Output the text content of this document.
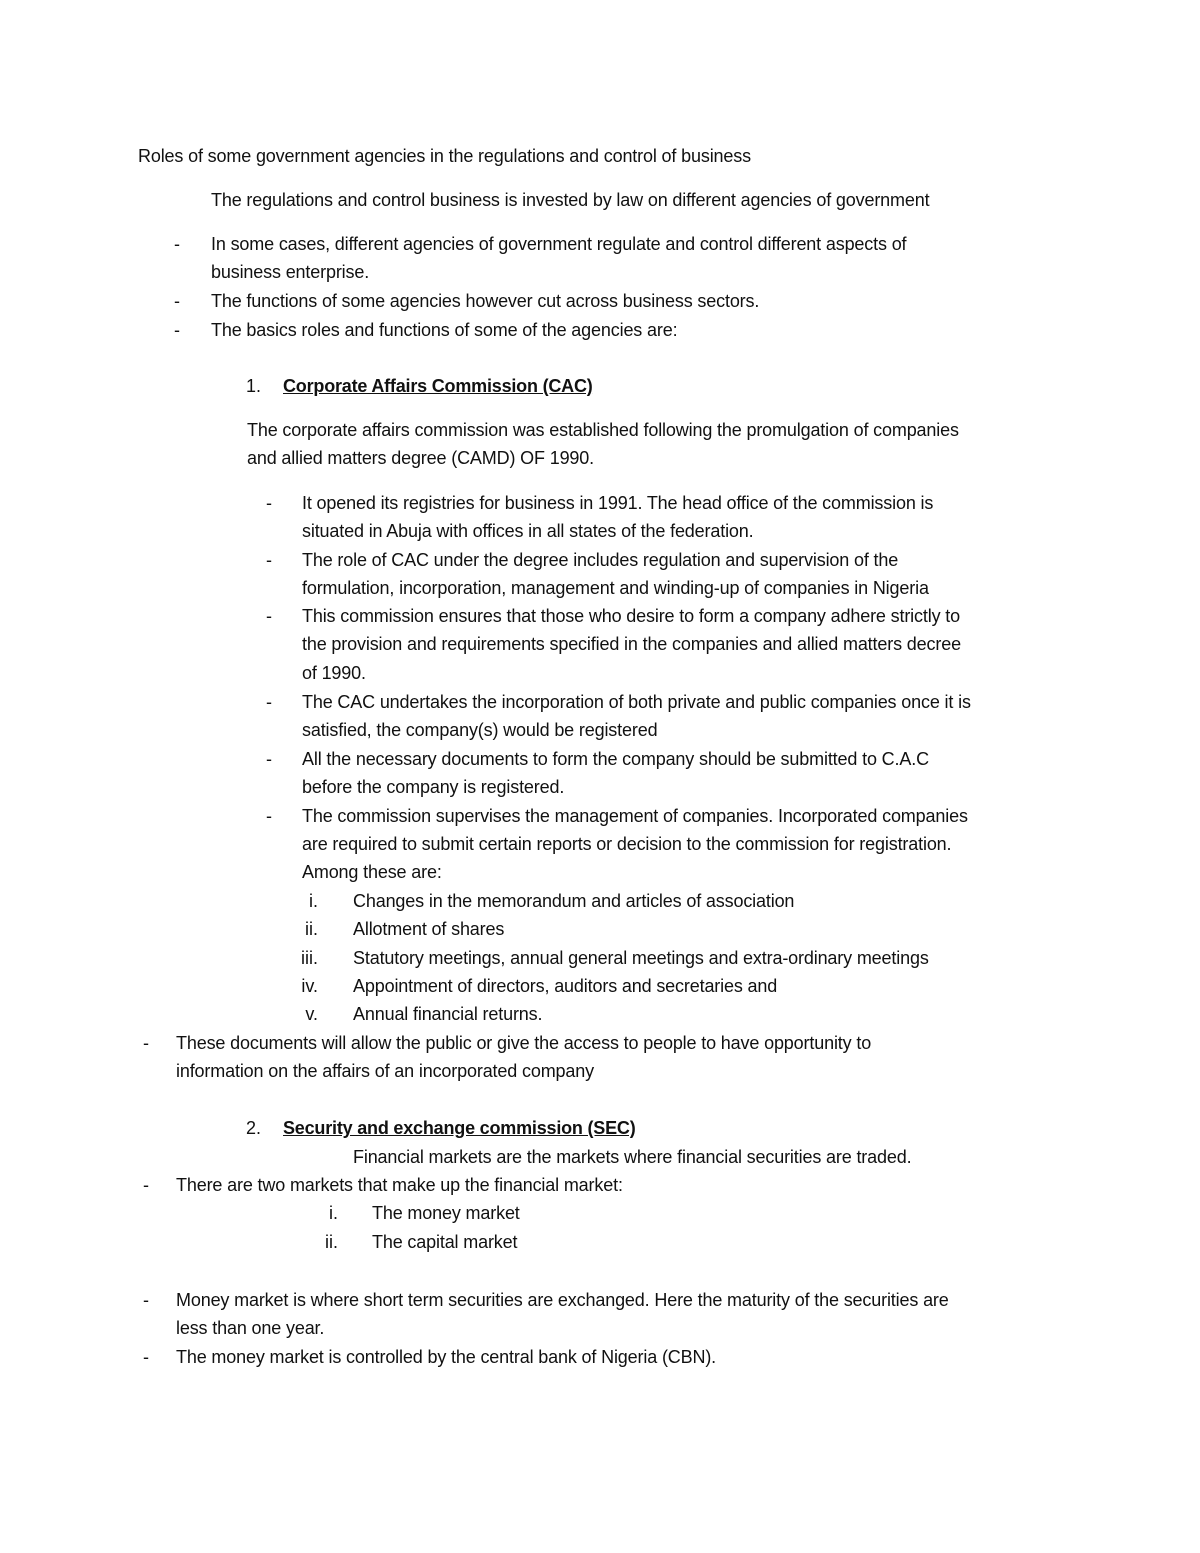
Roles of some government agencies in the regulations and control of business
The regulations and control business is invested by law on different agencies of government
- In some cases, different agencies of government regulate and control different aspects of
business enterprise.
- The functions of some agencies however cut across business sectors.
- The basics roles and functions of some of the agencies are:
1. Corporate Affairs Commission (CAC)
The corporate affairs commission was established following the promulgation of companies
and allied matters degree (CAMD) OF 1990.
- It opened its registries for business in 1991. The head office of the commission is
situated in Abuja with offices in all states of the federation.
- The role of CAC under the degree includes regulation and supervision of the
formulation, incorporation, management and winding-up of companies in Nigeria
- This commission ensures that those who desire to form a company adhere strictly to
the provision and requirements specified in the companies and allied matters decree
of 1990.
- The CAC undertakes the incorporation of both private and public companies once it is
satisfied, the company(s) would be registered
- All the necessary documents to form the company should be submitted to C.A.C
before the company is registered.
- The commission supervises the management of companies. Incorporated companies
are required to submit certain reports or decision to the commission for registration.
Among these are:
i. Changes in the memorandum and articles of association
ii. Allotment of shares
iii. Statutory meetings, annual general meetings and extra-ordinary meetings
iv. Appointment of directors, auditors and secretaries and
v. Annual financial returns.
- These documents will allow the public or give the access to people to have opportunity to
information on the affairs of an incorporated company
2. Security and exchange commission (SEC)
Financial markets are the markets where financial securities are traded.
- There are two markets that make up the financial market:
i. The money market
ii. The capital market
- Money market is where short term securities are exchanged. Here the maturity of the securities are
less than one year.
- The money market is controlled by the central bank of Nigeria (CBN).
